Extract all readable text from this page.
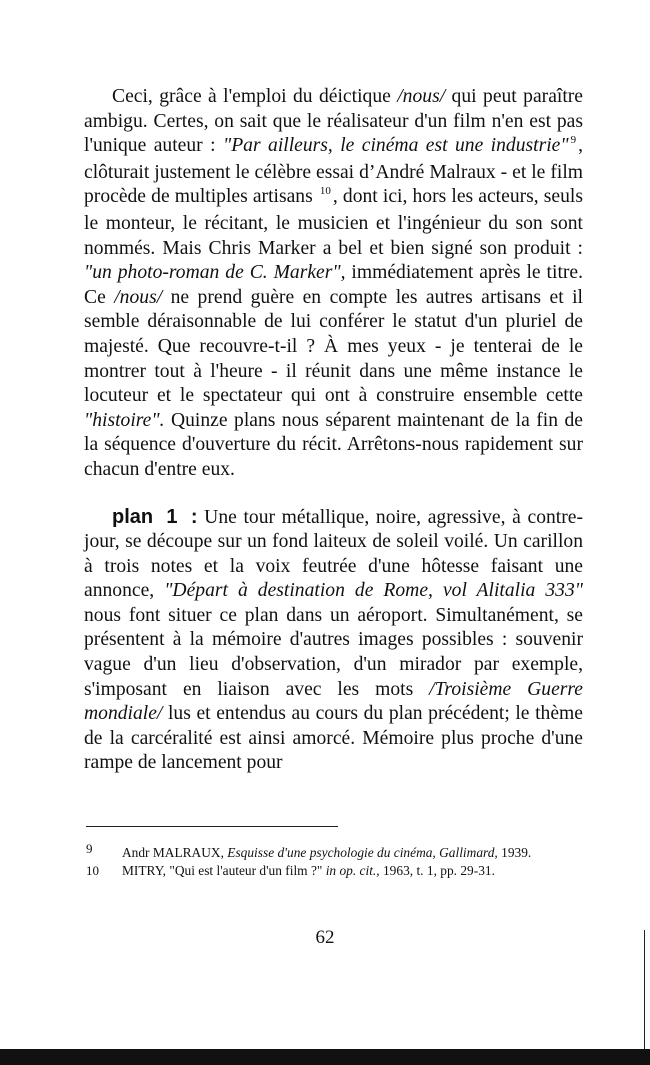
Ceci, grâce à l'emploi du déictique /nous/ qui peut paraître ambigu. Certes, on sait que le réalisateur d'un film n'en est pas l'unique auteur : "Par ailleurs, le cinéma est une industrie" $^9$ , clôturait justement le célèbre essai d’André Malraux - et le film procède de multiples artisans $^{10}$ , dont ici, hors les acteurs, seuls le monteur, le récitant, le musicien et l'ingénieur du son sont nommés. Mais Chris Marker a bel et bien signé son produit : "un photo-roman de C. Marker", immédiatement après le titre. Ce /nous/ ne prend guère en compte les autres artisans et il semble déraisonnable de lui conférer le statut d'un pluriel de majesté. Que recouvre-t-il ? À mes yeux - je tenterai de le montrer tout à l'heure - il réunit dans une même instance le locuteur et le spectateur qui ont à construire ensemble cette "histoire". Quinze plans nous séparent maintenant de la fin de la séquence d'ouverture du récit. Arrêtons-nous rapidement sur chacun d'entre eux.

plan 1 : Une tour métallique, noire, agressive, à contre-jour, se découpe sur un fond laiteux de soleil voilé. Un carillon à trois notes et la voix feutrée d'une hôtesse faisant une annonce, "Départ à destination de Rome, vol Alitalia 333" nous font situer ce plan dans un aéroport. Simultanément, se présentent à la mémoire d'autres images possibles : souvenir vague d'un lieu d'observation, d'un mirador par exemple, s'imposant en liaison avec les mots /Troisième Guerre mondiale/ lus et entendus au cours du plan précédent; le thème de la carcéralité est ainsi amorcé. Mémoire plus proche d'une rampe de lancement pour

9 Andr MALRAUX, Esquisse d'une psychologie du cinéma, Gallimard, 1939.

10 MITRY, "Qui est l'auteur d'un film ?" in op. cit., 1963, t. 1, pp. 29-31.

62
